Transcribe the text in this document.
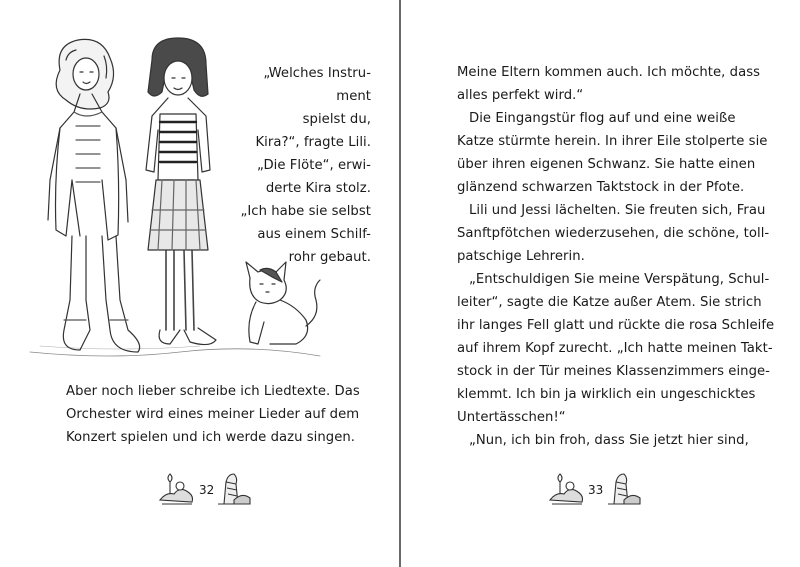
„Welches Instru-
ment
spielst du,
Kira?“, fragte Lili.
„Die Flöte“, erwi-
derte Kira stolz.
„Ich habe sie selbst
aus einem Schilf-
rohr gebaut.
Aber noch lieber schreibe ich Liedtexte. Das
Orchester wird eines meiner Lieder auf dem
Konzert spielen und ich werde dazu singen.
32
Meine Eltern kommen auch. Ich möchte, dass
alles perfekt wird.“
Die Eingangstür flog auf und eine weiße
Katze stürmte herein. In ihrer Eile stolperte sie
über ihren eigenen Schwanz. Sie hatte einen
glänzend schwarzen Taktstock in der Pfote.
Lili und Jessi lächelten. Sie freuten sich, Frau
Sanftpfötchen wiederzusehen, die schöne, toll-
patschige Lehrerin.
„Entschuldigen Sie meine Verspätung, Schul-
leiter“, sagte die Katze außer Atem. Sie strich
ihr langes Fell glatt und rückte die rosa Schleife
auf ihrem Kopf zurecht. „Ich hatte meinen Takt-
stock in der Tür meines Klassenzimmers einge-
klemmt. Ich bin ja wirklich ein ungeschicktes
Untertässchen!“
„Nun, ich bin froh, dass Sie jetzt hier sind,
33
